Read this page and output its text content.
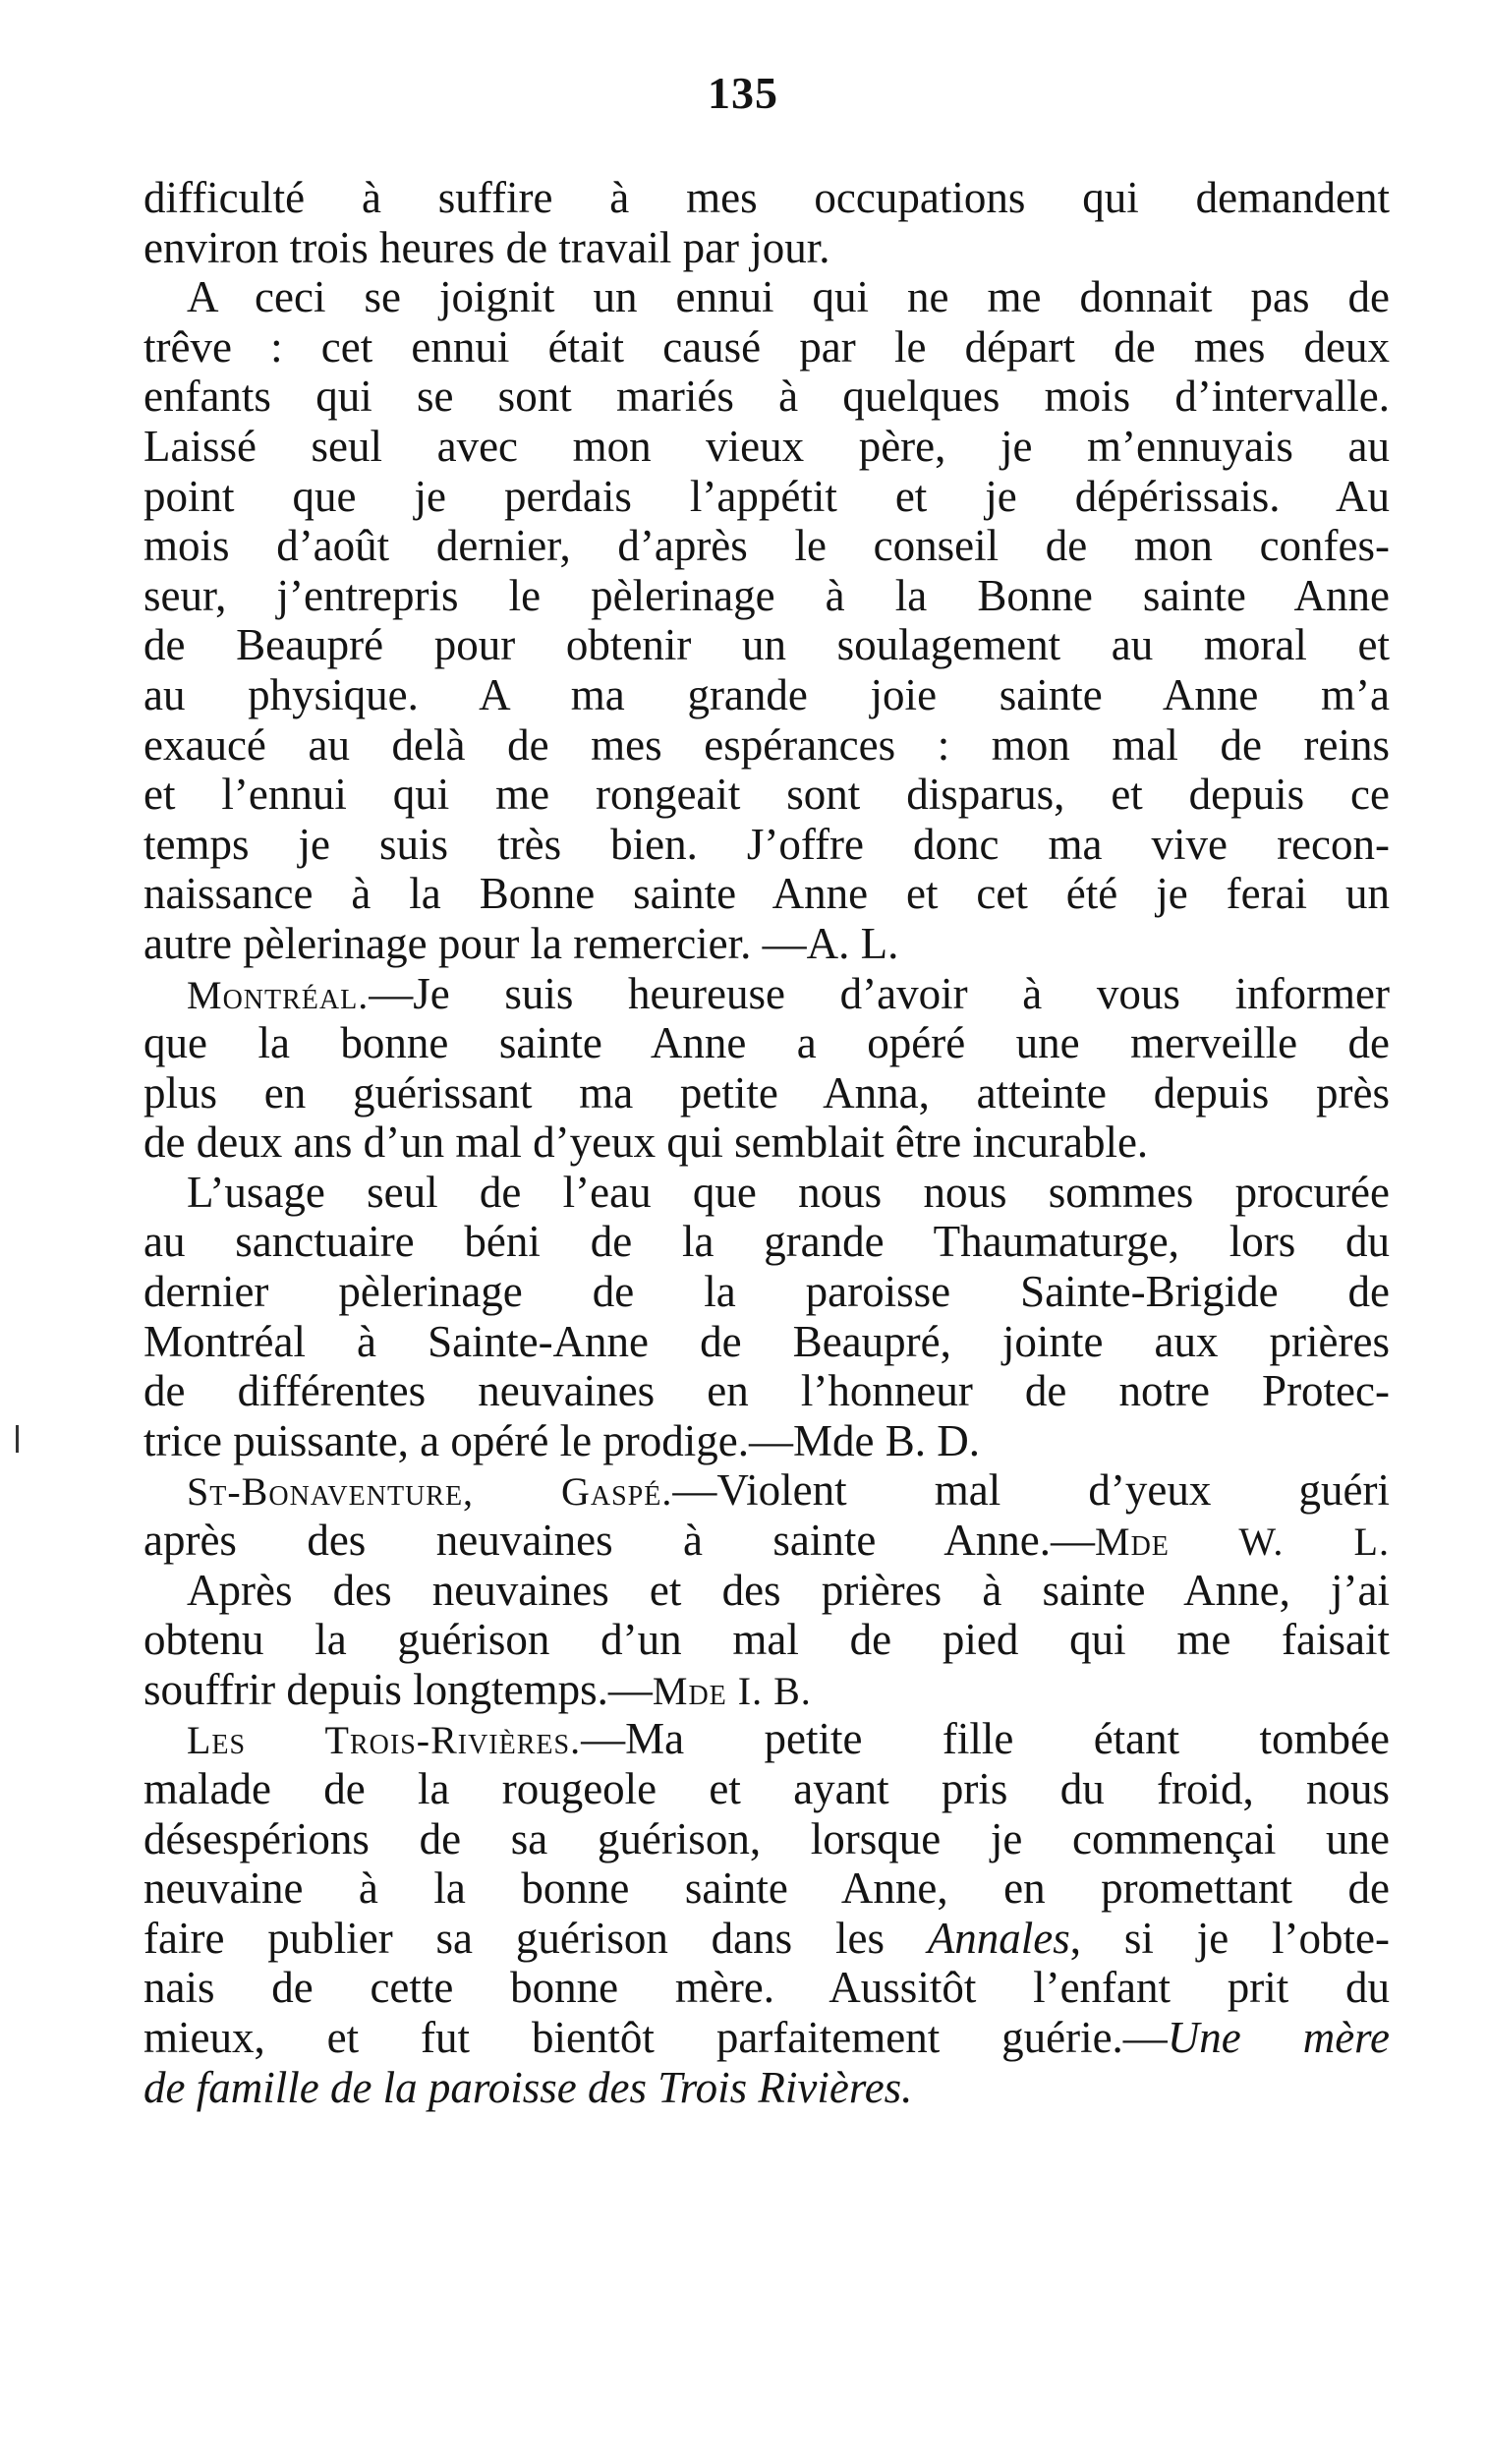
135
difficulté à suffire à mes occupations qui demandent
environ trois heures de travail par jour.
A ceci se joignit un ennui qui ne me donnait pas de
trêve : cet ennui était causé par le départ de mes deux
enfants qui se sont mariés à quelques mois d’intervalle.
Laissé seul avec mon vieux père, je m’ennuyais au
point que je perdais l’appétit et je dépérissais. Au
mois d’août dernier, d’après le conseil de mon confes-
seur, j’entrepris le pèlerinage à la Bonne sainte Anne
de Beaupré pour obtenir un soulagement au moral et
au physique. A ma grande joie sainte Anne m’a
exaucé au delà de mes espérances : mon mal de reins
et l’ennui qui me rongeait sont disparus, et depuis ce
temps je suis très bien. J’offre donc ma vive recon-
naissance à la Bonne sainte Anne et cet été je ferai un
autre pèlerinage pour la remercier. —A. L.
Montréal.—Je suis heureuse d’avoir à vous informer
que la bonne sainte Anne a opéré une merveille de
plus en guérissant ma petite Anna, atteinte depuis près
de deux ans d’un mal d’yeux qui semblait être incurable.
L’usage seul de l’eau que nous nous sommes procurée
au sanctuaire béni de la grande Thaumaturge, lors du
dernier pèlerinage de la paroisse Sainte-Brigide de
Montréal à Sainte-Anne de Beaupré, jointe aux prières
de différentes neuvaines en l’honneur de notre Protec-
trice puissante, a opéré le prodige.—Mde B. D.
St-Bonaventure, Gaspé.—Violent mal d’yeux guéri
après des neuvaines à sainte Anne.—Mde W. L.
Après des neuvaines et des prières à sainte Anne, j’ai
obtenu la guérison d’un mal de pied qui me faisait
souffrir depuis longtemps.—Mde I. B.
Les Trois-Rivières.—Ma petite fille étant tombée
malade de la rougeole et ayant pris du froid, nous
désespérions de sa guérison, lorsque je commençai une
neuvaine à la bonne sainte Anne, en promettant de
faire publier sa guérison dans les Annales, si je l’obte-
nais de cette bonne mère. Aussitôt l’enfant prit du
mieux, et fut bientôt parfaitement guérie.—Une mère
de famille de la paroisse des Trois Rivières.
